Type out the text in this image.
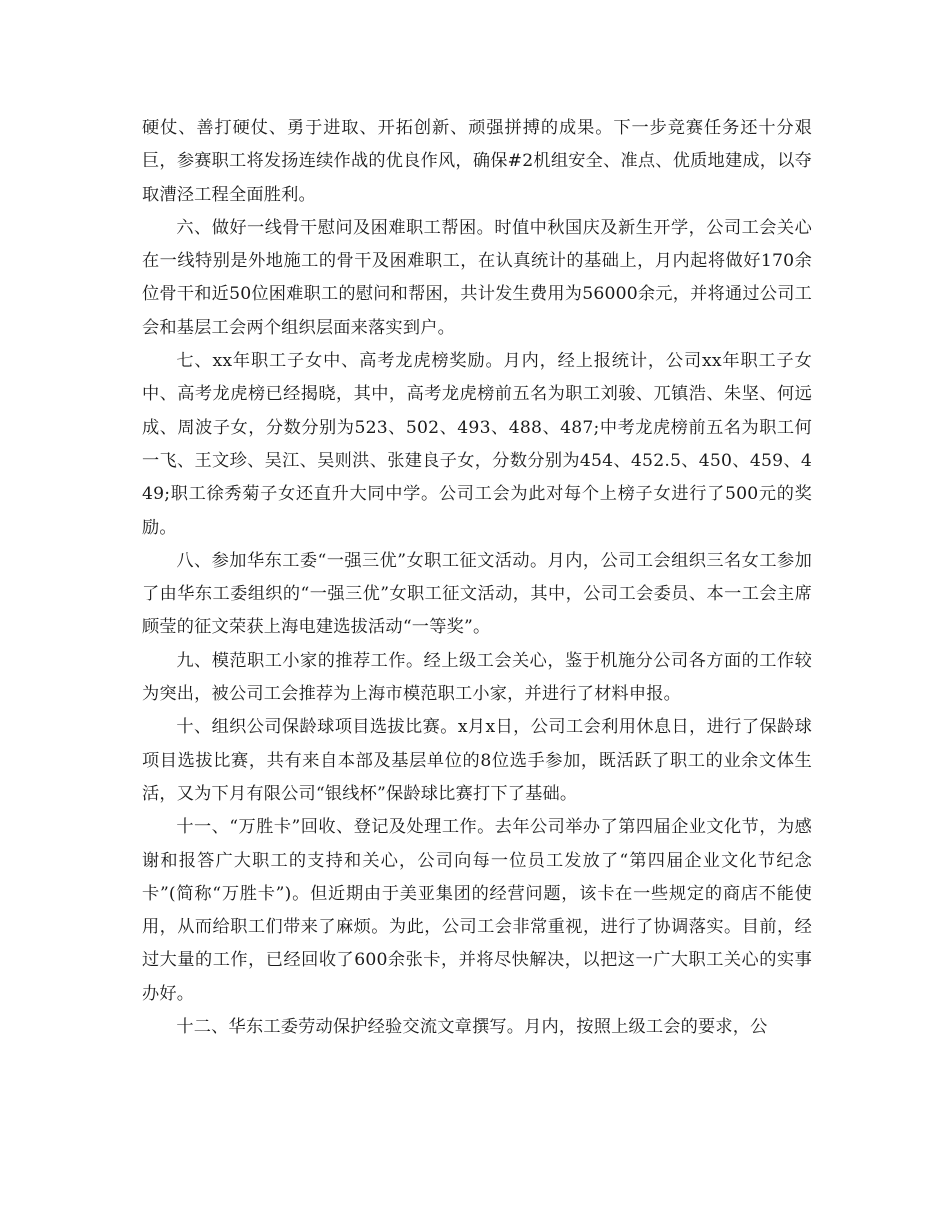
硬仗、善打硬仗、勇于进取、开拓创新、顽强拼搏的成果。下一步竞赛任务还十分艰巨，参赛职工将发扬连续作战的优良作风，确保#2机组安全、准点、优质地建成，以夺取漕泾工程全面胜利。

六、做好一线骨干慰问及困难职工帮困。时值中秋国庆及新生开学，公司工会关心在一线特别是外地施工的骨干及困难职工，在认真统计的基础上，月内起将做好170余位骨干和近50位困难职工的慰问和帮困，共计发生费用为56000余元，并将通过公司工会和基层工会两个组织层面来落实到户。

七、xx年职工子女中、高考龙虎榜奖励。月内，经上报统计，公司xx年职工子女中、高考龙虎榜已经揭晓，其中，高考龙虎榜前五名为职工刘骏、兀镇浩、朱坚、何远成、周波子女，分数分别为523、502、493、488、487;中考龙虎榜前五名为职工何一飞、王文珍、吴江、吴则洪、张建良子女，分数分别为454、452.5、450、459、449;职工徐秀菊子女还直升大同中学。公司工会为此对每个上榜子女进行了500元的奖励。

八、参加华东工委“一强三优”女职工征文活动。月内，公司工会组织三名女工参加了由华东工委组织的“一强三优”女职工征文活动，其中，公司工会委员、本一工会主席顾莹的征文荣获上海电建选拔活动“一等奖”。

九、模范职工小家的推荐工作。经上级工会关心，鉴于机施分公司各方面的工作较为突出，被公司工会推荐为上海市模范职工小家，并进行了材料申报。

十、组织公司保龄球项目选拔比赛。x月x日，公司工会利用休息日，进行了保龄球项目选拔比赛，共有来自本部及基层单位的8位选手参加，既活跃了职工的业余文体生活，又为下月有限公司“银线杯”保龄球比赛打下了基础。

十一、“万胜卡”回收、登记及处理工作。去年公司举办了第四届企业文化节，为感谢和报答广大职工的支持和关心，公司向每一位员工发放了“第四届企业文化节纪念卡”(简称“万胜卡”)。但近期由于美亚集团的经营问题，该卡在一些规定的商店不能使用，从而给职工们带来了麻烦。为此，公司工会非常重视，进行了协调落实。目前，经过大量的工作，已经回收了600余张卡，并将尽快解决，以把这一广大职工关心的实事办好。

十二、华东工委劳动保护经验交流文章撰写。月内，按照上级工会的要求，公
